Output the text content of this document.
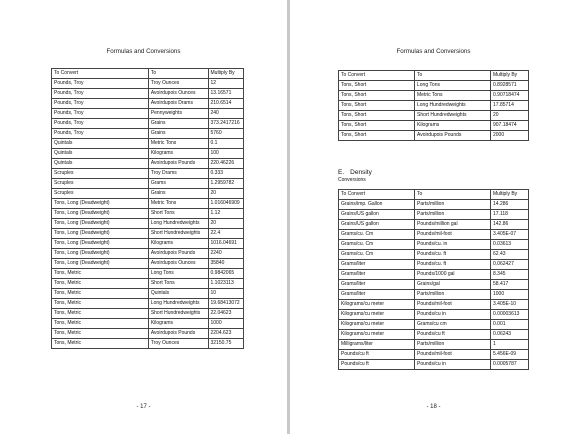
Formulas and Conversions
To Convert	To	Multiply By
Pounds, Troy	Troy Ounces	12
Pounds, Troy	Avoirdupois Ounces	13.16571
Pounds, Troy	Avoirdupois Drams	210.6514
Pounds, Troy	Pennyweights	240
Pounds, Troy	Grains	373.2417216
Pounds, Troy	Grains	5760
Quintals	Metric Tons	0.1
Quintals	Kilograms	100
Quintals	Avoirdupois Pounds	220.46226
Scruples	Troy Drams	0.333
Scruples	Grams	1.2959782
Scruples	Grains	20
Tons, Long (Deadweight)	Metric Tons	1.016046909
Tons, Long (Deadweight)	Short Tons	1.12
Tons, Long (Deadweight)	Long Hundredweights	20
Tons, Long (Deadweight)	Short Hundredweights	22.4
Tons, Long (Deadweight)	Kilograms	1016.04691
Tons, Long (Deadweight)	Avoirdupois Pounds	2240
Tons, Long (Deadweight)	Avoirdupois Ounces	35840
Tons, Metric	Long Tons	0.9842065
Tons, Metric	Short Tons	1.1023113
Tons, Metric	Quintals	10
Tons, Metric	Long Hundredweights	19.68413072
Tons, Metric	Short Hundredweights	22.04623
Tons, Metric	Kilograms	1000
Tons, Metric	Avoirdupois Pounds	2204.623
Tons, Metric	Troy Ounces	32150.75
- 17 -
Formulas and Conversions
To Convert	To	Multiply By
Tons, Short	Long Tons	0.8928571
Tons, Short	Metric Tons	0.90718474
Tons, Short	Long Hundredweights	17.85714
Tons, Short	Short Hundredweights	20
Tons, Short	Kilograms	907.18474
Tons, Short	Avoirdupois Pounds	2000
E. Density
Conversions
To Convert	To	Multiply By
Grains/imp. Gallon	Parts/million	14.286
Grains/US gallon	Parts/million	17.118
Grains/US gallon	Pounds/million gal	142.86
Grams/cu. Cm	Pounds/mil-foot	3.405E-07
Grams/cu. Cm	Pounds/cu. in	0.03613
Grams/cu. Cm	Pounds/cu. ft	62.43
Grams/liter	Pounds/cu. ft	0.062427
Grams/liter	Pounds/1000 gal	8.345
Grams/liter	Grains/gal	58.417
Grams/liter	Parts/million	1000
Kilograms/cu meter	Pounds/mil-foot	3.405E-10
Kilograms/cu meter	Pounds/cu in	0.00003613
Kilograms/cu meter	Grams/cu cm	0.001
Kilograms/cu meter	Pounds/cu ft	0.06243
Milligrams/liter	Parts/million	1
Pounds/cu ft	Pounds/mil-foot	5.456E-09
Pounds/cu ft	Pounds/cu in	0.0005787
- 18 -
